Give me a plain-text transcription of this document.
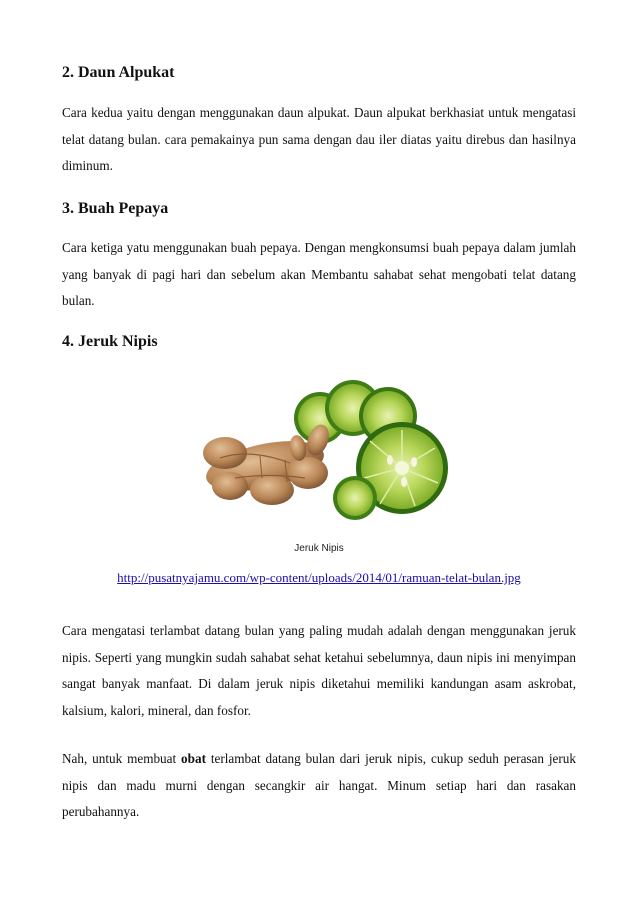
2. Daun Alpukat

Cara kedua yaitu dengan menggunakan daun alpukat. Daun alpukat berkhasiat untuk mengatasi telat datang bulan. cara pemakainya pun sama dengan dau iler diatas yaitu direbus dan hasilnya diminum.

3. Buah Pepaya

Cara ketiga yatu menggunakan buah pepaya. Dengan mengkonsumsi buah pepaya dalam jumlah yang banyak di pagi hari dan sebelum akan Membantu sahabat sehat mengobati telat datang bulan.

4. Jeruk Nipis
Jeruk Nipis
http://pusatnyajamu.com/wp-content/uploads/2014/01/ramuan-telat-bulan.jpg

Cara mengatasi terlambat datang bulan yang paling mudah adalah dengan menggunakan jeruk nipis. Seperti yang mungkin sudah sahabat sehat ketahui sebelumnya, daun nipis ini menyimpan sangat banyak manfaat. Di dalam jeruk nipis diketahui memiliki kandungan asam askrobat, kalsium, kalori, mineral, dan fosfor.

Nah, untuk membuat obat terlambat datang bulan dari jeruk nipis, cukup seduh perasan jeruk nipis dan madu murni dengan secangkir air hangat. Minum setiap hari dan rasakan perubahannya.
